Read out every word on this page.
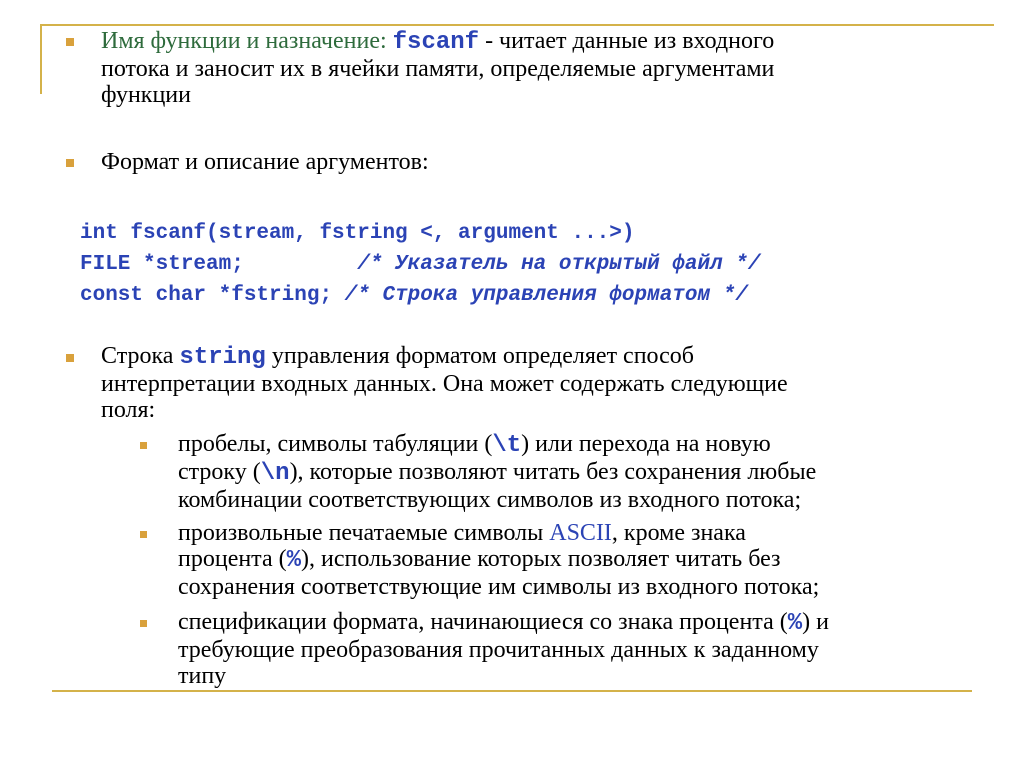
Имя функции и назначение: fscanf - читает данные из входного
потока и заносит их в ячейки памяти, определяемые аргументами
функции
Формат и описание аргументов:
int fscanf(stream, fstring <, argument ...>)
FILE *stream;         /* Указатель на открытый файл */
const char *fstring; /* Строка управления форматом */
Строка string управления форматом определяет способ
интерпретации входных данных. Она может содержать следующие
поля:
пробелы, символы табуляции (\t) или перехода на новую
строку (\n), которые позволяют читать без сохранения любые
комбинации соответствующих символов из входного потока;
произвольные печатаемые символы ASCII, кроме знака
процента (%), использование которых позволяет читать без
сохранения соответствующие им символы из входного потока;
спецификации формата, начинающиеся со знака процента (%) и
требующие преобразования прочитанных данных к заданному
типу
